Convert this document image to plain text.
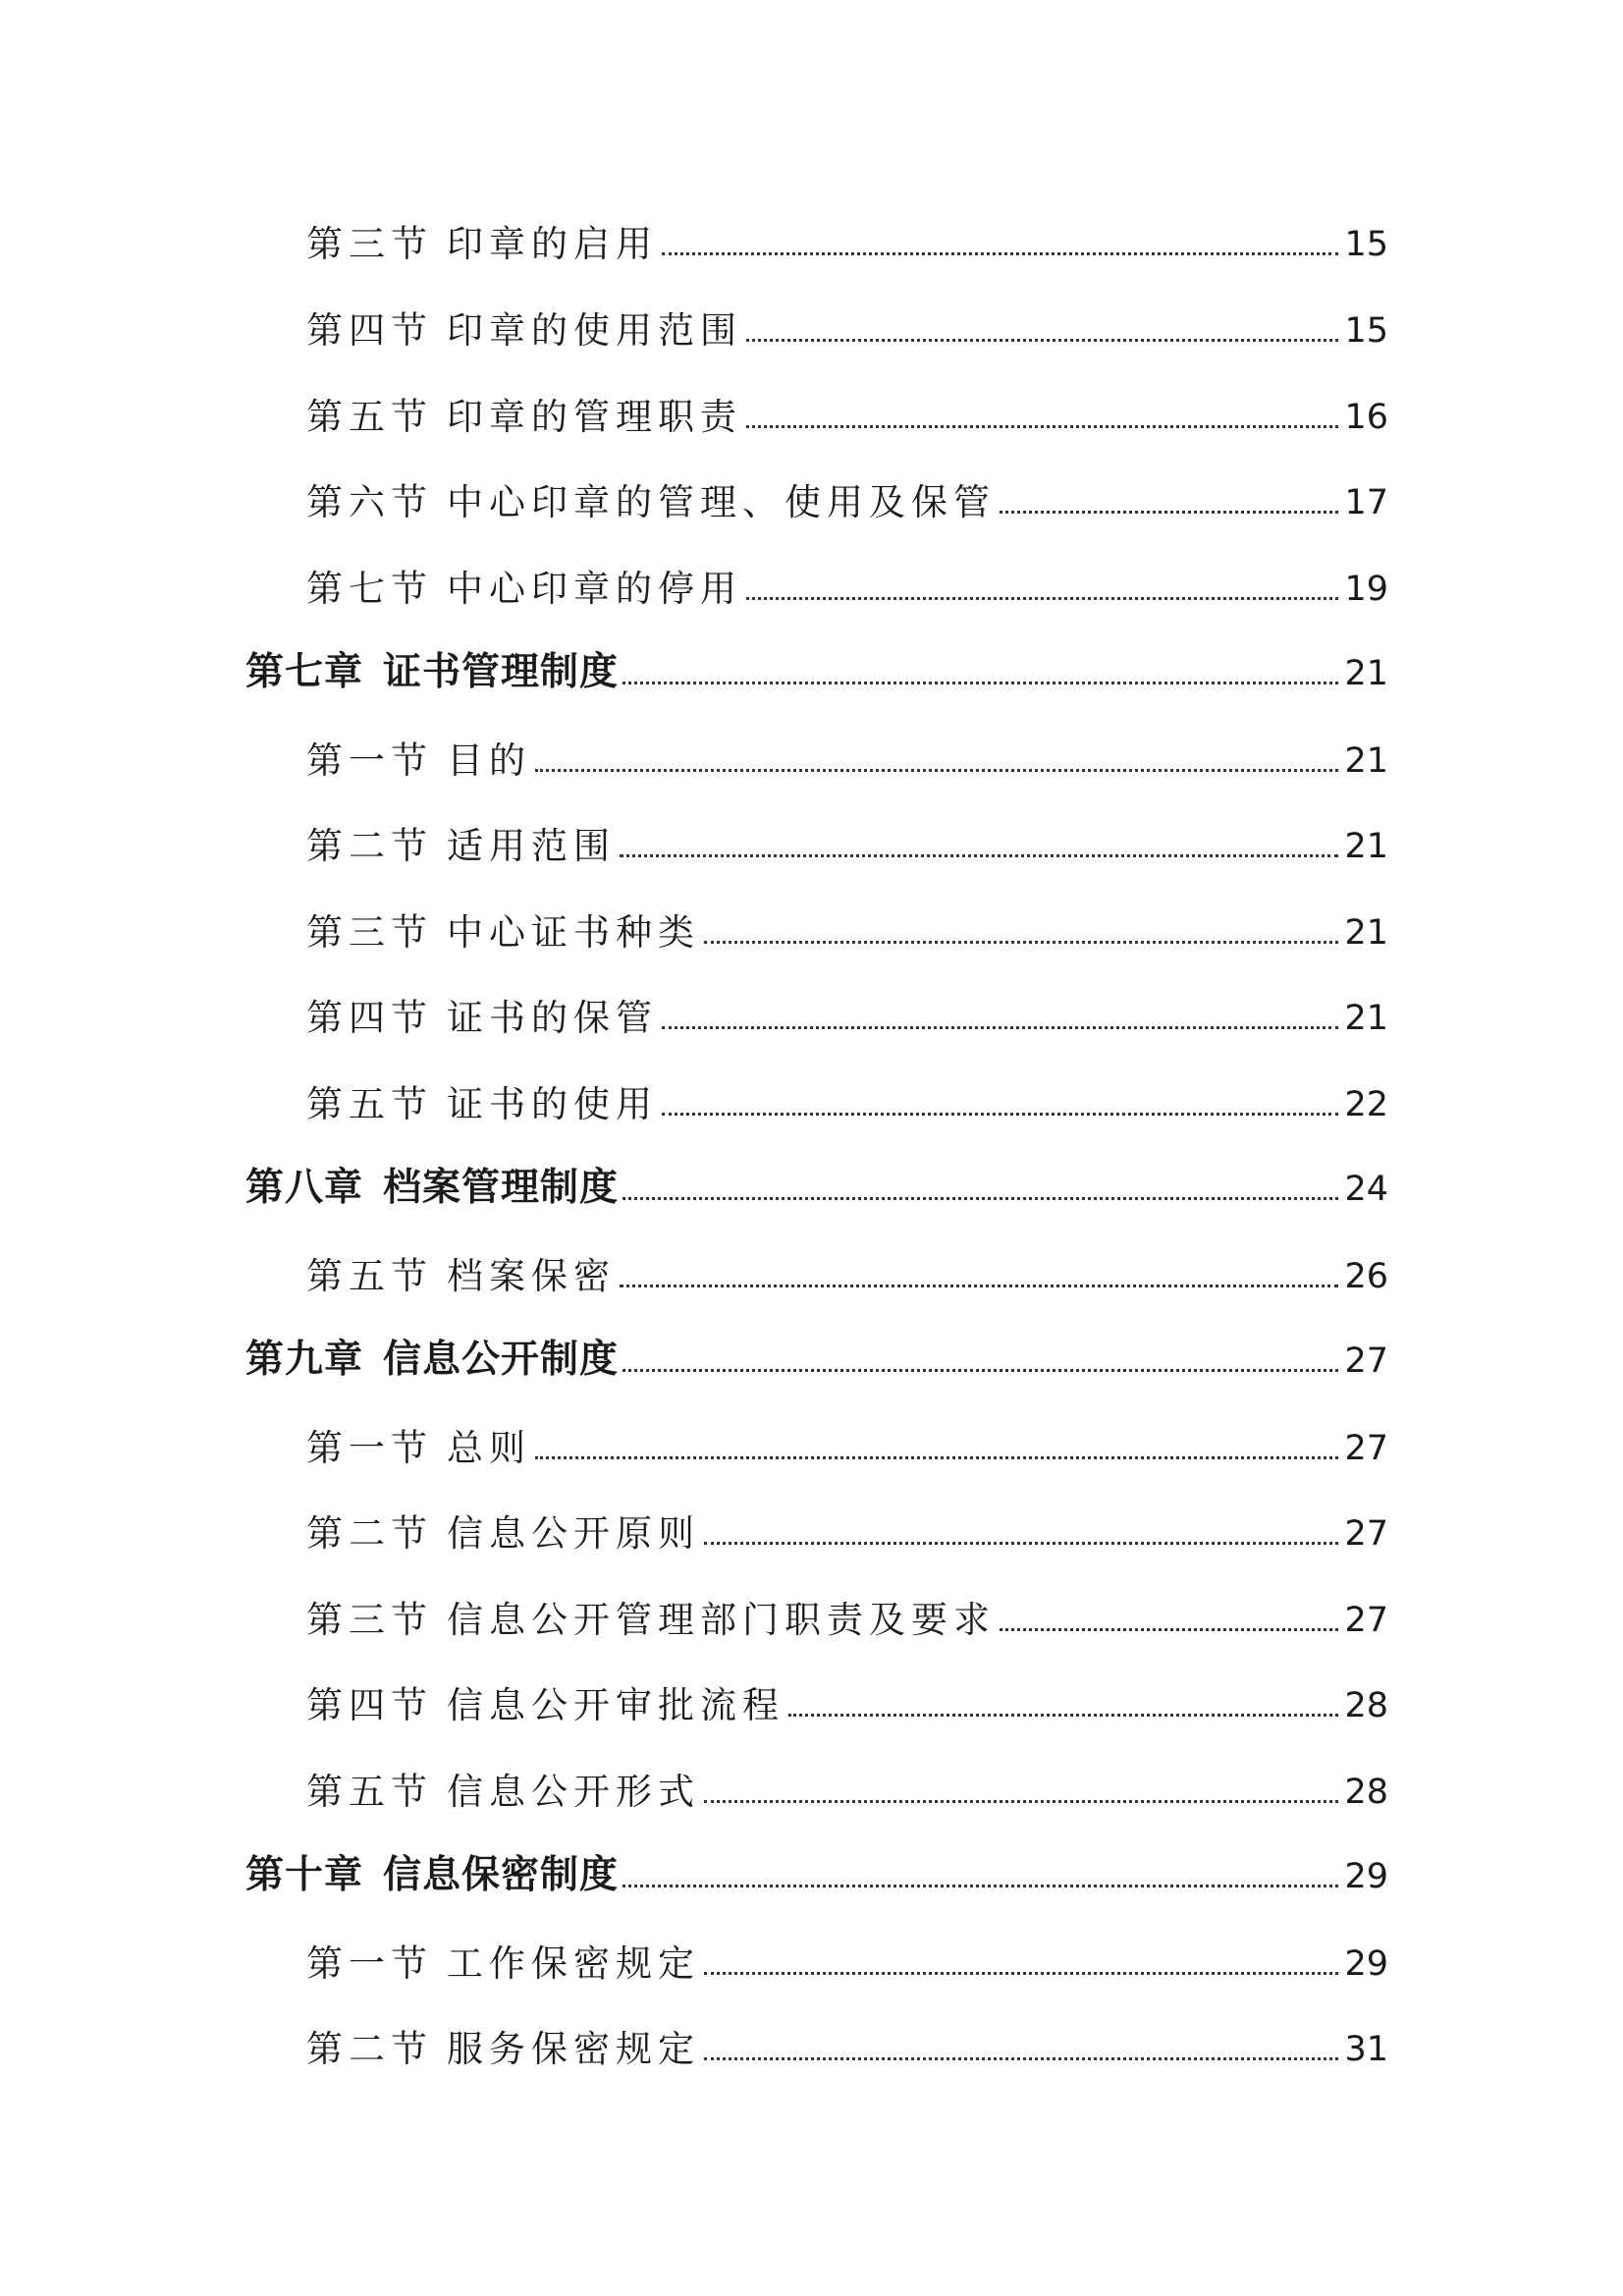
第三节 印章的启用	15
第四节 印章的使用范围	15
第五节 印章的管理职责	16
第六节 中心印章的管理、使用及保管	17
第七节 中心印章的停用	19
第七章 证书管理制度	21
第一节 目的	21
第二节 适用范围	21
第三节 中心证书种类	21
第四节 证书的保管	21
第五节 证书的使用	22
第八章 档案管理制度	24
第五节 档案保密	26
第九章 信息公开制度	27
第一节 总则	27
第二节 信息公开原则	27
第三节 信息公开管理部门职责及要求	27
第四节 信息公开审批流程	28
第五节 信息公开形式	28
第十章 信息保密制度	29
第一节 工作保密规定	29
第二节 服务保密规定	31
